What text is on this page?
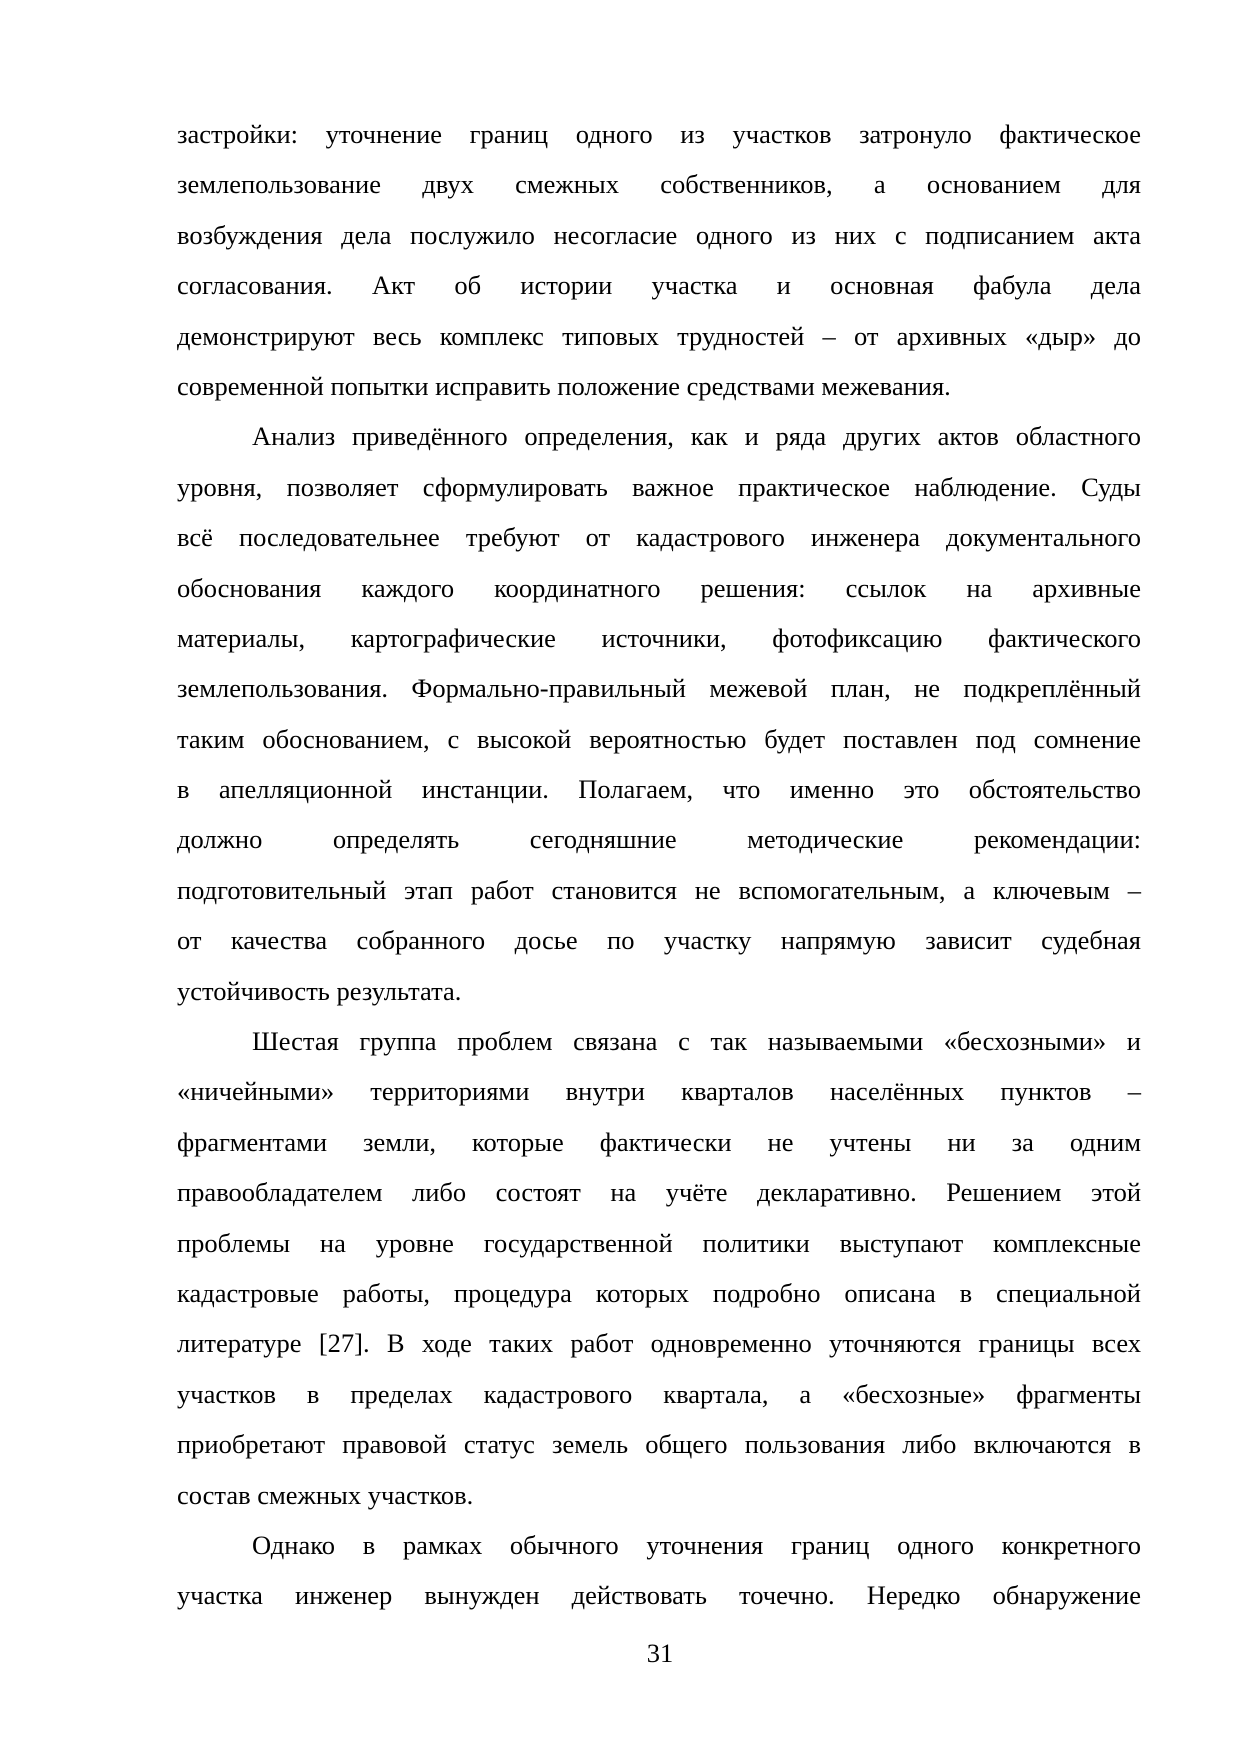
застройки: уточнение границ одного из участков затронуло фактическое
землепользование двух смежных собственников, а основанием для
возбуждения дела послужило несогласие одного из них с подписанием акта
согласования. Акт об истории участка и основная фабула дела
демонстрируют весь комплекс типовых трудностей – от архивных «дыр» до
современной попытки исправить положение средствами межевания.
Анализ приведённого определения, как и ряда других актов областного
уровня, позволяет сформулировать важное практическое наблюдение. Суды
всё последовательнее требуют от кадастрового инженера документального
обоснования каждого координатного решения: ссылок на архивные
материалы, картографические источники, фотофиксацию фактического
землепользования. Формально-правильный межевой план, не подкреплённый
таким обоснованием, с высокой вероятностью будет поставлен под сомнение
в апелляционной инстанции. Полагаем, что именно это обстоятельство
должно определять сегодняшние методические рекомендации:
подготовительный этап работ становится не вспомогательным, а ключевым –
от качества собранного досье по участку напрямую зависит судебная
устойчивость результата.
Шестая группа проблем связана с так называемыми «бесхозными» и
«ничейными» территориями внутри кварталов населённых пунктов –
фрагментами земли, которые фактически не учтены ни за одним
правообладателем либо состоят на учёте декларативно. Решением этой
проблемы на уровне государственной политики выступают комплексные
кадастровые работы, процедура которых подробно описана в специальной
литературе [27]. В ходе таких работ одновременно уточняются границы всех
участков в пределах кадастрового квартала, а «бесхозные» фрагменты
приобретают правовой статус земель общего пользования либо включаются в
состав смежных участков.
Однако в рамках обычного уточнения границ одного конкретного
участка инженер вынужден действовать точечно. Нередко обнаружение
31
